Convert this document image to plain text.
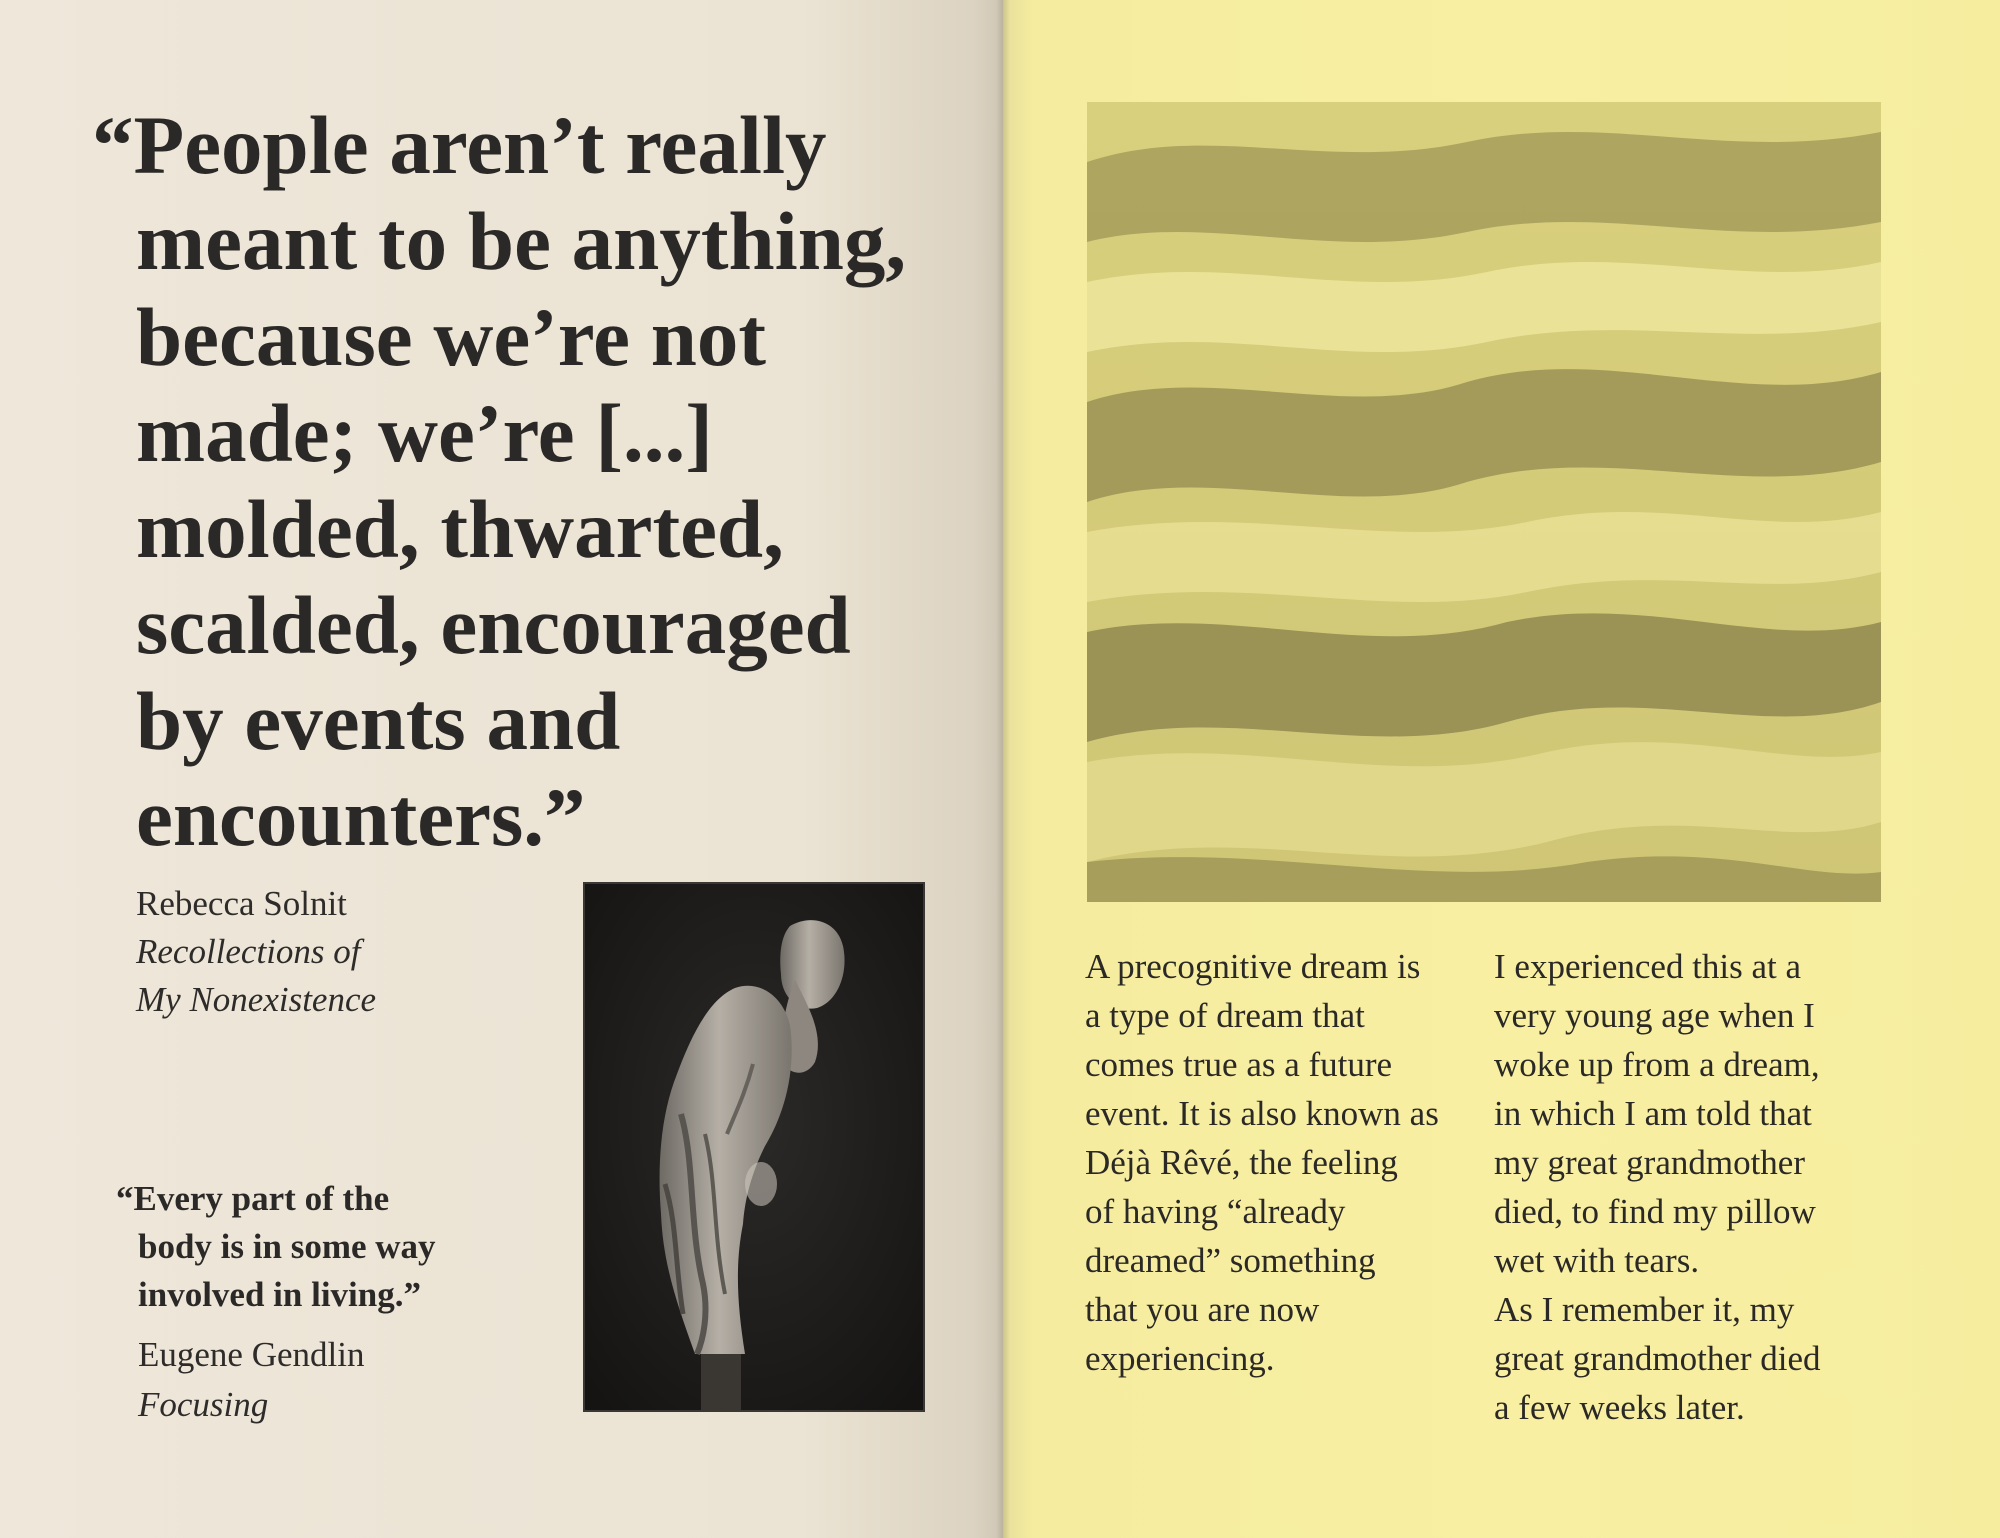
“People aren’t really
meant to be anything,
because we’re not
made; we’re [...]
molded, thwarted,
scalded, encouraged
by events and
encounters.”
Rebecca Solnit
Recollections of
My Nonexistence
“Every part of the
body is in some way
involved in living.”
Eugene Gendlin
Focusing
A precognitive dream is
a type of dream that
comes true as a future
event. It is also known as
Déjà Rêvé, the feeling
of having “already
dreamed” something
that you are now
experiencing.
I experienced this at a
very young age when I
woke up from a dream,
in which I am told that
my great grandmother
died, to find my pillow
wet with tears.
As I remember it, my
great grandmother died
a few weeks later.
